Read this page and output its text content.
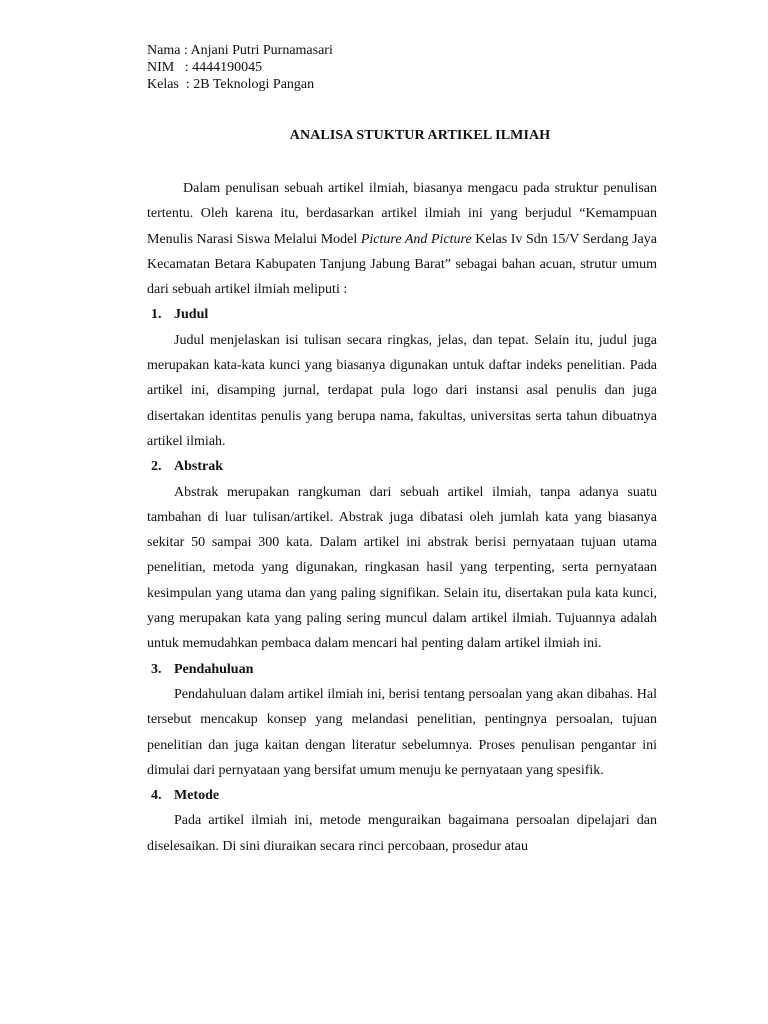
Nama : Anjani Putri Purnamasari
NIM   : 4444190045
Kelas  : 2B Teknologi Pangan
ANALISA STUKTUR ARTIKEL ILMIAH

Dalam penulisan sebuah artikel ilmiah, biasanya mengacu pada struktur penulisan tertentu. Oleh karena itu, berdasarkan artikel ilmiah ini yang berjudul “Kemampuan Menulis Narasi Siswa Melalui Model Picture And Picture Kelas Iv Sdn 15/V Serdang Jaya Kecamatan Betara Kabupaten Tanjung Jabung Barat” sebagai bahan acuan, strutur umum dari sebuah artikel ilmiah meliputi :

1. Judul

Judul menjelaskan isi tulisan secara ringkas, jelas, dan tepat. Selain itu, judul juga merupakan kata-kata kunci yang biasanya digunakan untuk daftar indeks penelitian. Pada artikel ini, disamping jurnal, terdapat pula logo dari instansi asal penulis dan juga disertakan identitas penulis yang berupa nama, fakultas, universitas serta tahun dibuatnya artikel ilmiah.

2. Abstrak

Abstrak merupakan rangkuman dari sebuah artikel ilmiah, tanpa adanya suatu tambahan di luar tulisan/artikel. Abstrak juga dibatasi oleh jumlah kata yang biasanya sekitar 50 sampai 300 kata. Dalam artikel ini abstrak berisi pernyataan tujuan utama penelitian, metoda yang digunakan, ringkasan hasil yang terpenting, serta pernyataan kesimpulan yang utama dan yang paling signifikan. Selain itu, disertakan pula kata kunci, yang merupakan kata yang paling sering muncul dalam artikel ilmiah. Tujuannya adalah untuk memudahkan pembaca dalam mencari hal penting dalam artikel ilmiah ini.

3. Pendahuluan

Pendahuluan dalam artikel ilmiah ini, berisi tentang persoalan yang akan dibahas. Hal tersebut mencakup konsep yang melandasi penelitian, pentingnya persoalan, tujuan penelitian dan juga kaitan dengan literatur sebelumnya. Proses penulisan pengantar ini dimulai dari pernyataan yang bersifat umum menuju ke pernyataan yang spesifik.

4. Metode

Pada artikel ilmiah ini, metode menguraikan bagaimana persoalan dipelajari dan diselesaikan. Di sini diuraikan secara rinci percobaan, prosedur atau
